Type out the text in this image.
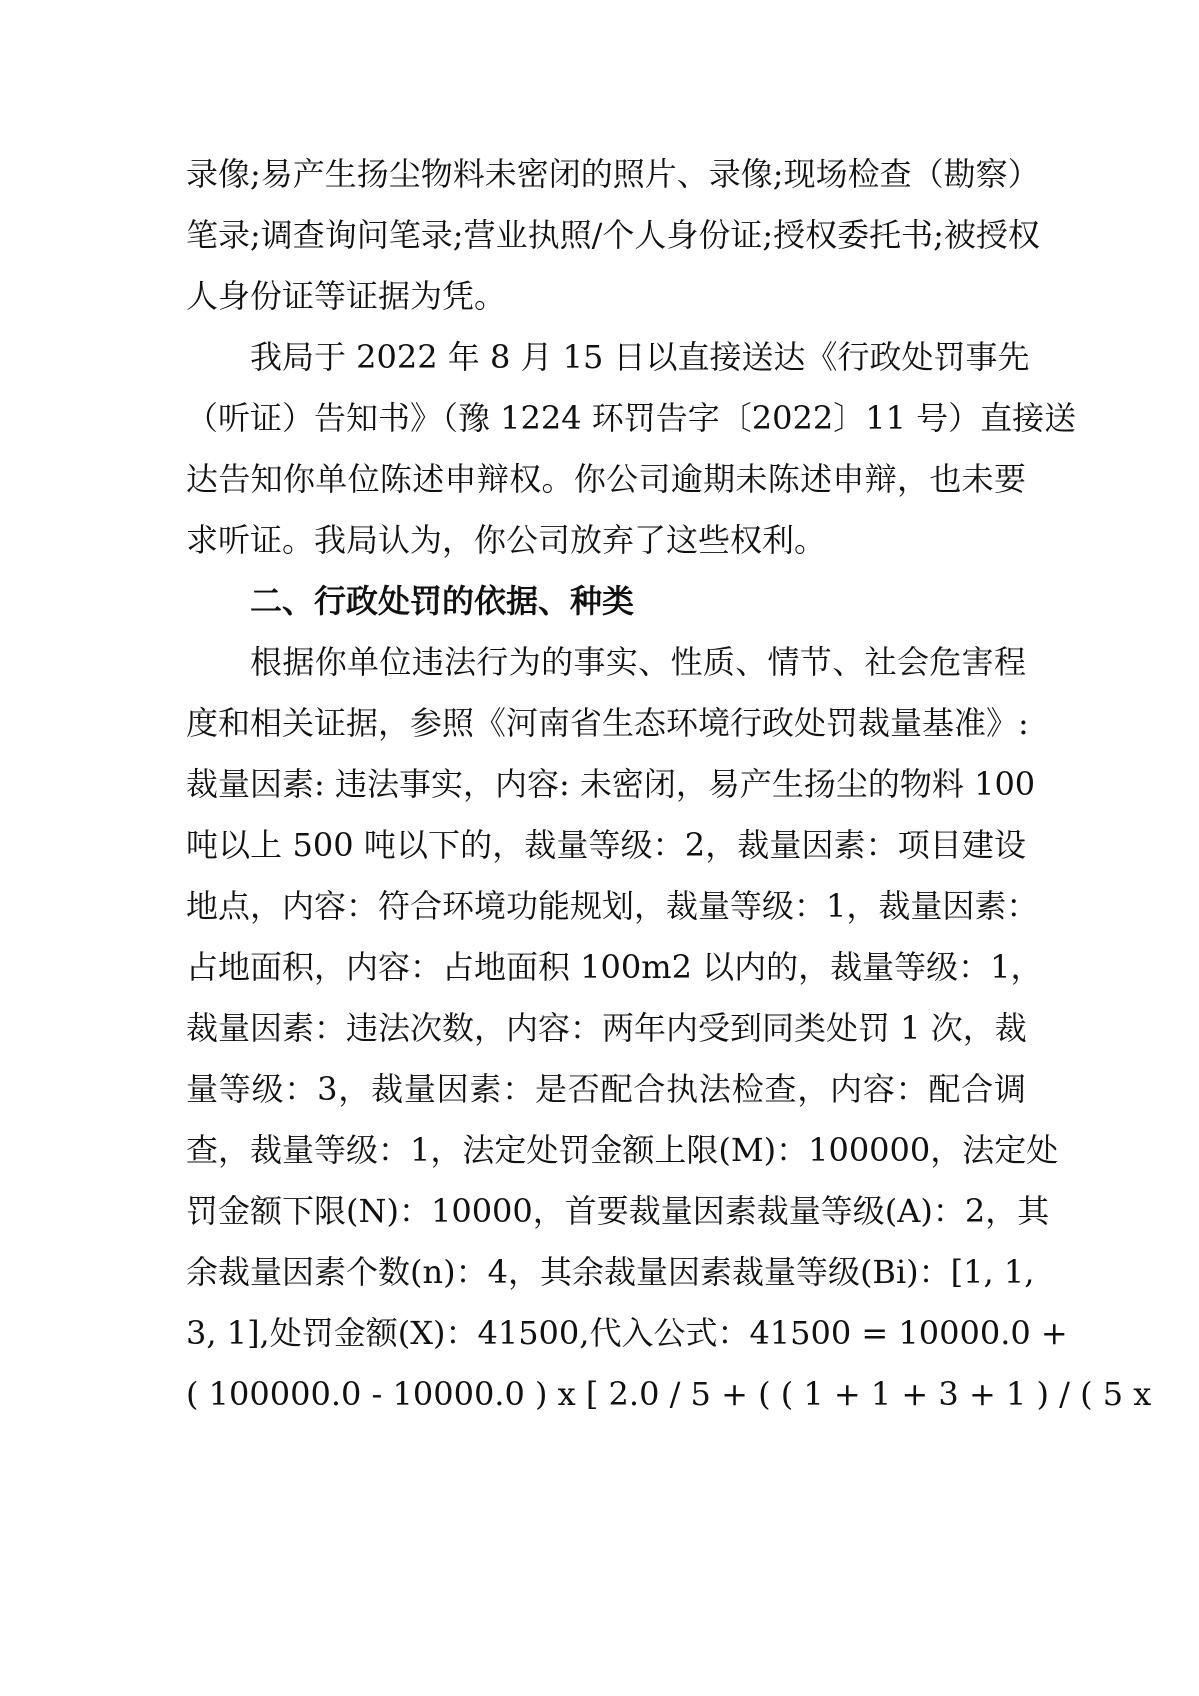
录像;易产生扬尘物料未密闭的照片、录像;现场检查（勘察）
笔录;调查询问笔录;营业执照/个人身份证;授权委托书;被授权
人身份证等证据为凭。
我局于 2022 年 8 月 15 日以直接送达《行政处罚事先
（听证）告知书》（豫 1224 环罚告字〔2022〕11 号）直接送
达告知你单位陈述申辩权。你公司逾期未陈述申辩，也未要
求听证。我局认为，你公司放弃了这些权利。
二、行政处罚的依据、种类
根据你单位违法行为的事实、性质、情节、社会危害程
度和相关证据，参照《河南省生态环境行政处罚裁量基准》:
裁量因素: 违法事实，内容: 未密闭，易产生扬尘的物料 100
吨以上 500 吨以下的，裁量等级：2，裁量因素：项目建设
地点，内容：符合环境功能规划，裁量等级：1，裁量因素：
占地面积，内容：占地面积 100m2 以内的，裁量等级：1，
裁量因素：违法次数，内容：两年内受到同类处罚 1 次，裁
量等级：3，裁量因素：是否配合执法检查，内容：配合调
查，裁量等级：1，法定处罚金额上限(M)：100000，法定处
罚金额下限(N)：10000，首要裁量因素裁量等级(A)：2，其
余裁量因素个数(n)：4，其余裁量因素裁量等级(Bi)：[1, 1,
3, 1],处罚金额(X)：41500,代入公式：41500 = 10000.0 +
( 100000.0 - 10000.0 ) x [ 2.0 / 5 + ( ( 1 + 1 + 3 + 1 ) / ( 5 x
